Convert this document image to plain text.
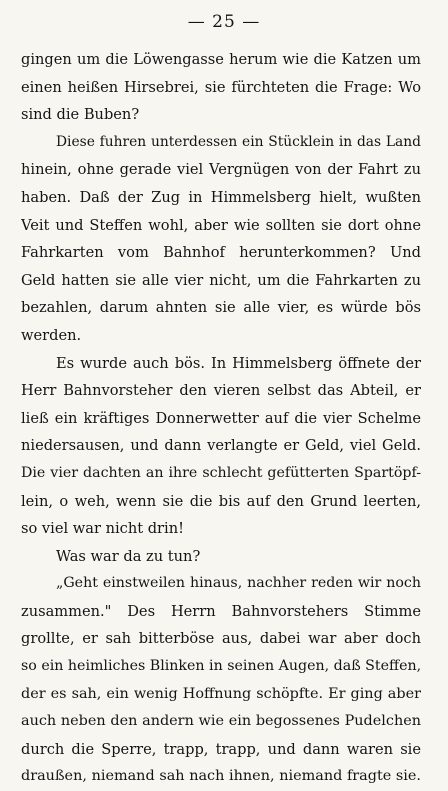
— 25 —
gingen um die Löwengasse herum wie die Katzen um
einen heißen Hirsebrei, sie fürchteten die Frage: Wo
sind die Buben?
Diese fuhren unterdessen ein Stücklein in das Land
hinein, ohne gerade viel Vergnügen von der Fahrt zu
haben. Daß der Zug in Himmelsberg hielt, wußten
Veit und Steffen wohl, aber wie sollten sie dort ohne
Fahrkarten vom Bahnhof herunterkommen? Und
Geld hatten sie alle vier nicht, um die Fahrkarten zu
bezahlen, darum ahnten sie alle vier, es würde bös
werden.
Es wurde auch bös. In Himmelsberg öffnete der
Herr Bahnvorsteher den vieren selbst das Abteil, er
ließ ein kräftiges Donnerwetter auf die vier Schelme
niedersausen, und dann verlangte er Geld, viel Geld.
Die vier dachten an ihre schlecht gefütterten Spartöpf-
lein, o weh, wenn sie die bis auf den Grund leerten,
so viel war nicht drin!
Was war da zu tun?
„Geht einstweilen hinaus, nachher reden wir noch
zusammen." Des Herrn Bahnvorstehers Stimme
grollte, er sah bitterböse aus, dabei war aber doch
so ein heimliches Blinken in seinen Augen, daß Steffen,
der es sah, ein wenig Hoffnung schöpfte. Er ging aber
auch neben den andern wie ein begossenes Pudelchen
durch die Sperre, trapp, trapp, und dann waren sie
draußen, niemand sah nach ihnen, niemand fragte sie.
